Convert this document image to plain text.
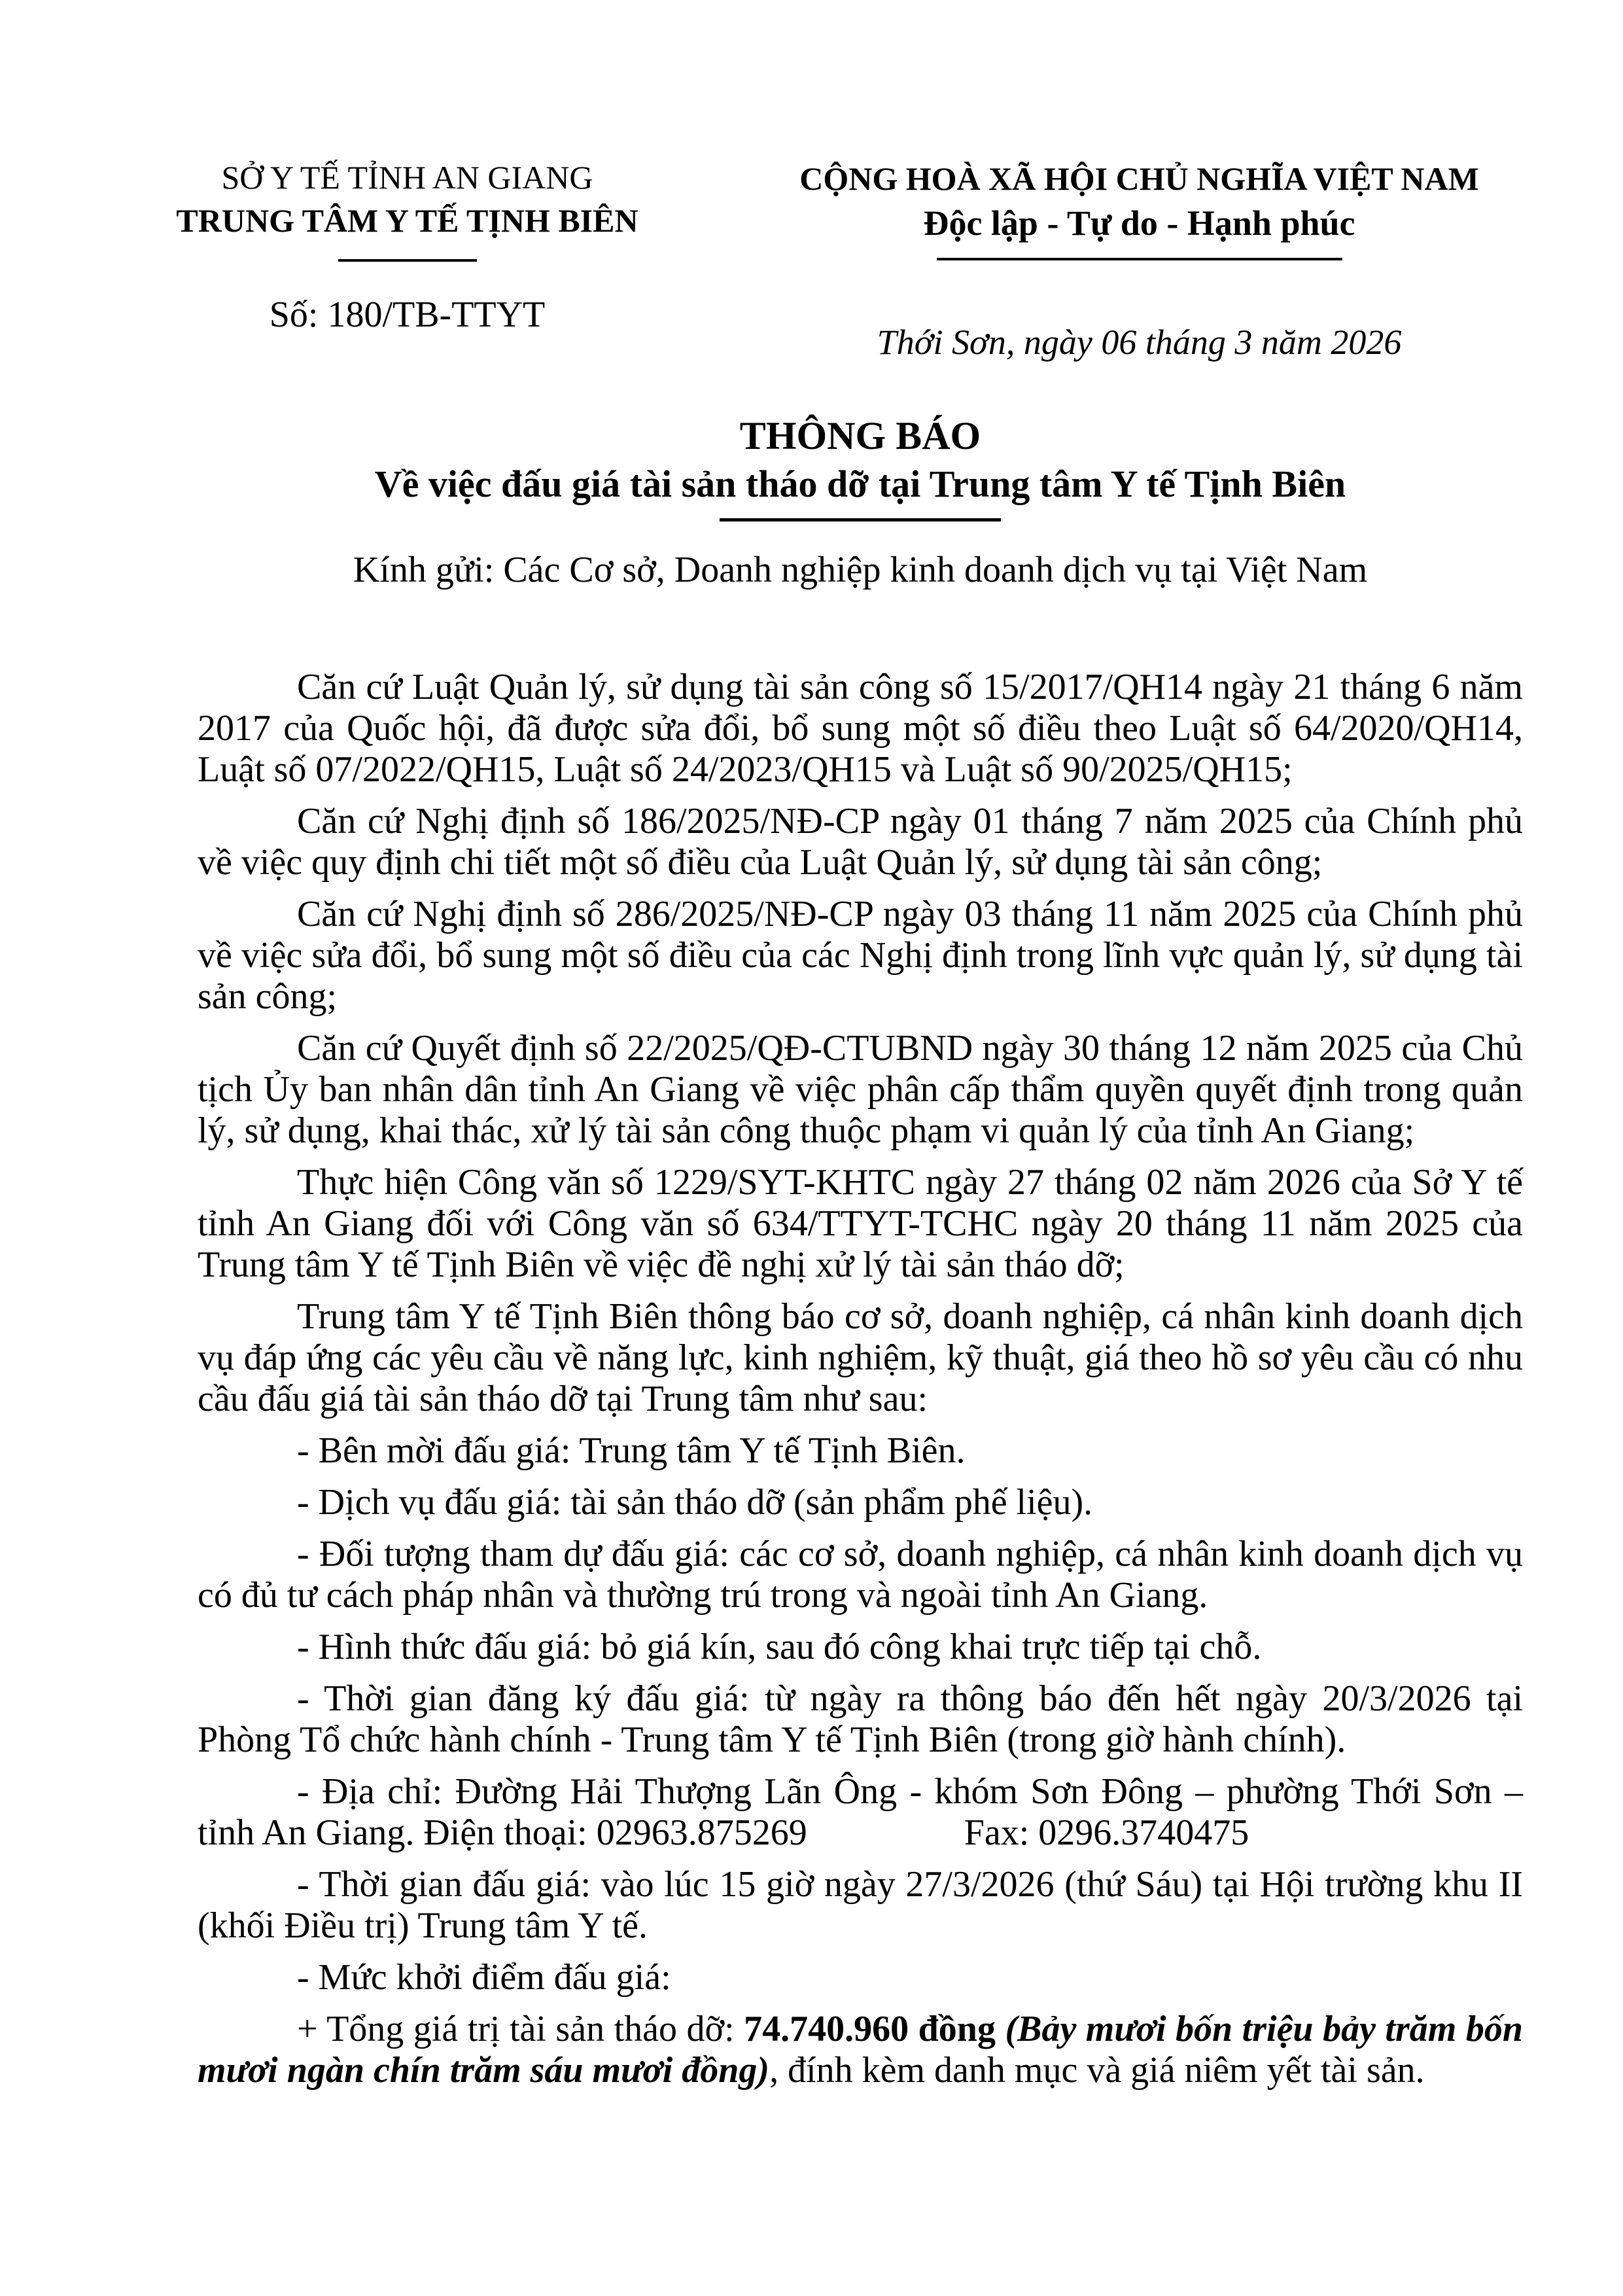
SỞ Y TẾ TỈNH AN GIANG
TRUNG TÂM Y TẾ TỊNH BIÊN
Số: 180/TB-TTYT
CỘNG HOÀ XÃ HỘI CHỦ NGHĨA VIỆT NAM
Độc lập - Tự do - Hạnh phúc
Thới Sơn, ngày 06 tháng 3 năm 2026
THÔNG BÁO
Về việc đấu giá tài sản tháo dỡ tại Trung tâm Y tế Tịnh Biên
Kính gửi: Các Cơ sở, Doanh nghiệp kinh doanh dịch vụ tại Việt Nam

Căn cứ Luật Quản lý, sử dụng tài sản công số 15/2017/QH14 ngày 21 tháng 6 năm 2017 của Quốc hội, đã được sửa đổi, bổ sung một số điều theo Luật số 64/2020/QH14, Luật số 07/2022/QH15, Luật số 24/2023/QH15 và Luật số 90/2025/QH15;

Căn cứ Nghị định số 186/2025/NĐ-CP ngày 01 tháng 7 năm 2025 của Chính phủ về việc quy định chi tiết một số điều của Luật Quản lý, sử dụng tài sản công;

Căn cứ Nghị định số 286/2025/NĐ-CP ngày 03 tháng 11 năm 2025 của Chính phủ về việc sửa đổi, bổ sung một số điều của các Nghị định trong lĩnh vực quản lý, sử dụng tài sản công;

Căn cứ Quyết định số 22/2025/QĐ-CTUBND ngày 30 tháng 12 năm 2025 của Chủ tịch Ủy ban nhân dân tỉnh An Giang về việc phân cấp thẩm quyền quyết định trong quản lý, sử dụng, khai thác, xử lý tài sản công thuộc phạm vi quản lý của tỉnh An Giang;

Thực hiện Công văn số 1229/SYT-KHTC ngày 27 tháng 02 năm 2026 của Sở Y tế tỉnh An Giang đối với Công văn số 634/TTYT-TCHC ngày 20 tháng 11 năm 2025 của Trung tâm Y tế Tịnh Biên về việc đề nghị xử lý tài sản tháo dỡ;

Trung tâm Y tế Tịnh Biên thông báo cơ sở, doanh nghiệp, cá nhân kinh doanh dịch vụ đáp ứng các yêu cầu về năng lực, kinh nghiệm, kỹ thuật, giá theo hồ sơ yêu cầu có nhu cầu đấu giá tài sản tháo dỡ tại Trung tâm như sau:

- Bên mời đấu giá: Trung tâm Y tế Tịnh Biên.

- Dịch vụ đấu giá: tài sản tháo dỡ (sản phẩm phế liệu).

- Đối tượng tham dự đấu giá: các cơ sở, doanh nghiệp, cá nhân kinh doanh dịch vụ có đủ tư cách pháp nhân và thường trú trong và ngoài tỉnh An Giang.

- Hình thức đấu giá: bỏ giá kín, sau đó công khai trực tiếp tại chỗ.

- Thời gian đăng ký đấu giá: từ ngày ra thông báo đến hết ngày 20/3/2026 tại Phòng Tổ chức hành chính - Trung tâm Y tế Tịnh Biên (trong giờ hành chính).

- Địa chỉ: Đường Hải Thượng Lãn Ông - khóm Sơn Đông – phường Thới Sơn – tỉnh An Giang. Điện thoại: 02963.875269	Fax: 0296.3740475

- Thời gian đấu giá: vào lúc 15 giờ ngày 27/3/2026 (thứ Sáu) tại Hội trường khu II (khối Điều trị) Trung tâm Y tế.

- Mức khởi điểm đấu giá:

+ Tổng giá trị tài sản tháo dỡ: 74.740.960 đồng (Bảy mươi bốn triệu bảy trăm bốn mươi ngàn chín trăm sáu mươi đồng), đính kèm danh mục và giá niêm yết tài sản.
